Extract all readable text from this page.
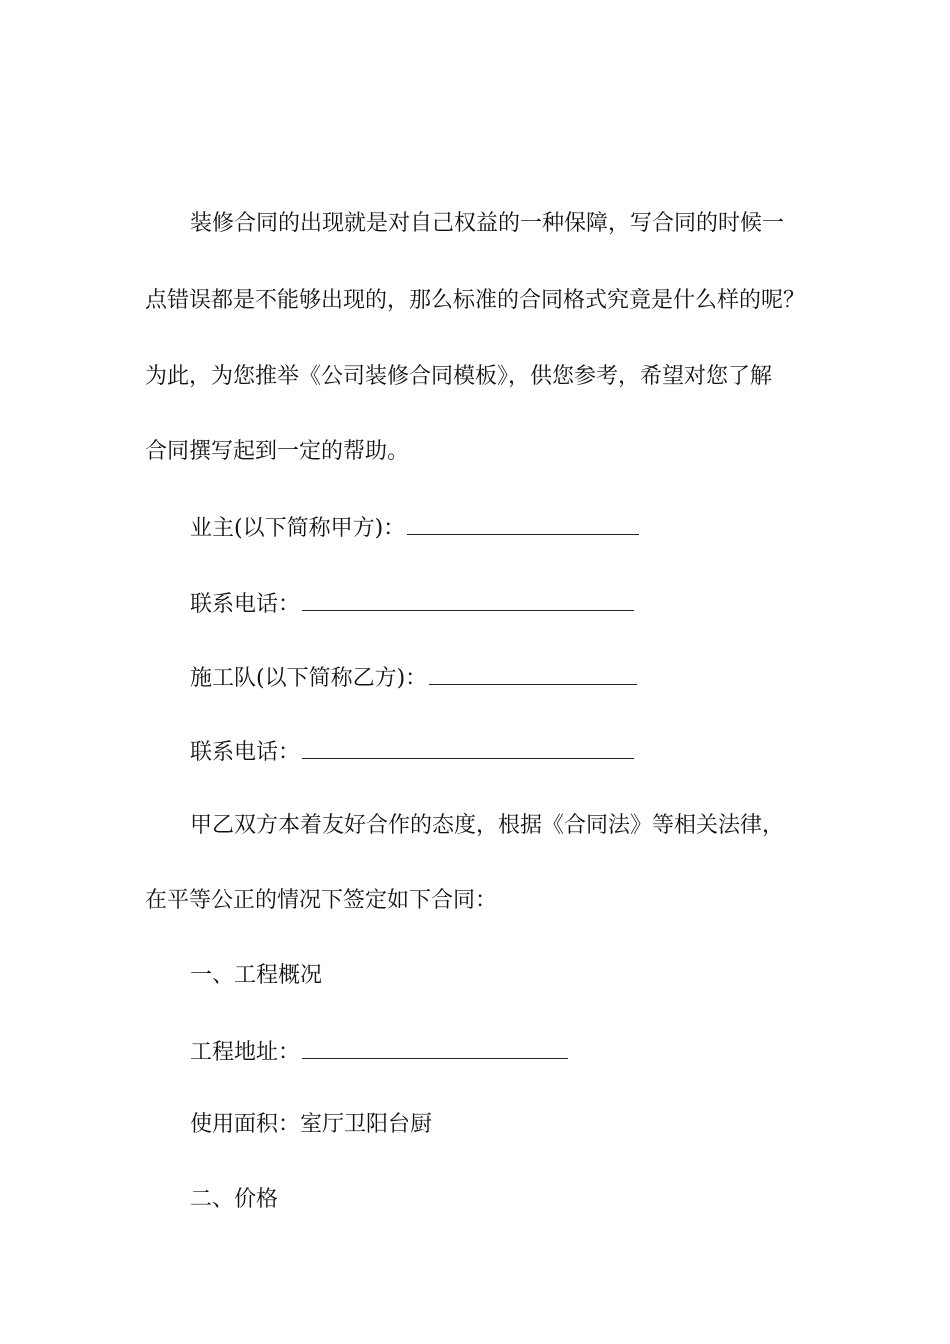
装修合同的出现就是对自己权益的一种保障，写合同的时候一
点错误都是不能够出现的，那么标准的合同格式究竟是什么样的呢？
为此，为您推举《公司装修合同模板》，供您参考，希望对您了解
合同撰写起到一定的帮助。
业主(以下简称甲方)：
联系电话：
施工队(以下简称乙方)：
联系电话：
甲乙双方本着友好合作的态度，根据《合同法》等相关法律，
在平等公正的情况下签定如下合同：
一、工程概况
工程地址：
使用面积：室厅卫阳台厨
二、价格
